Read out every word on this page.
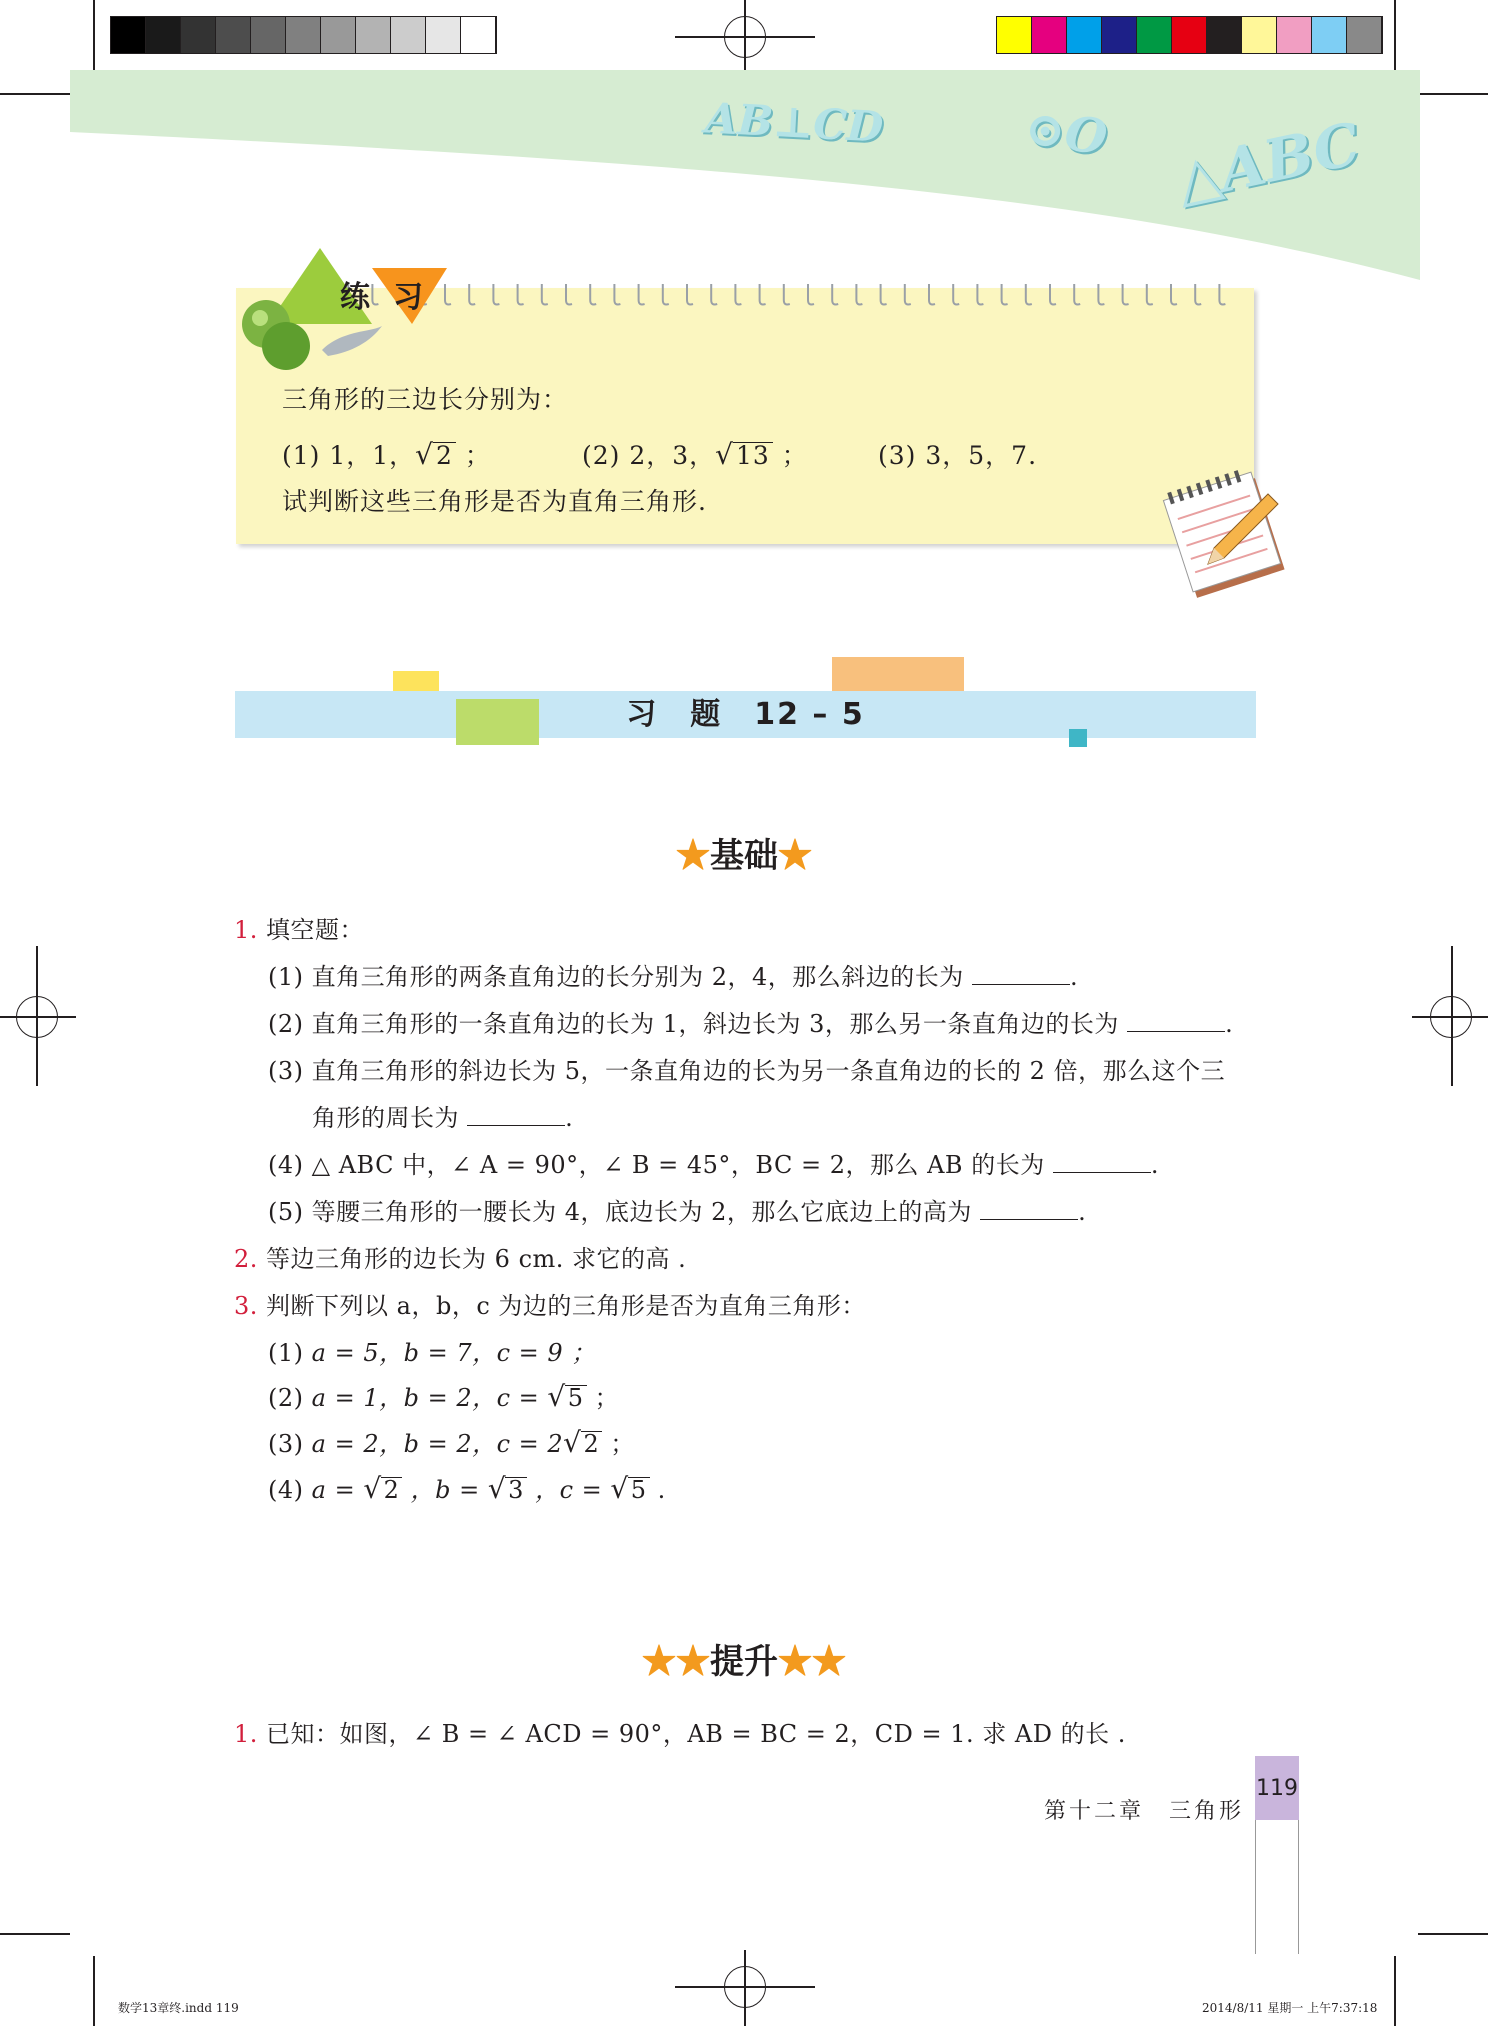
AB⊥CD	⊙O △ABC
三角形的三边长分别为：
(1) 1，1，√2 ；	(2) 2，3，√13 ；	(3) 3，5，7.
试判断这些三角形是否为直角三角形.
练 习
习　题　12 – 5
★基础★
1. 填空题：
(1) 直角三角形的两条直角边的长分别为 2，4，那么斜边的长为	.
(2) 直角三角形的一条直角边的长为 1，斜边长为 3，那么另一条直角边的长为	.
(3) 直角三角形的斜边长为 5，一条直角边的长为另一条直角边的长的 2 倍，那么这个三
角形的周长为	.
(4) △ ABC 中，∠ A = 90°，∠ B = 45°，BC = 2，那么 AB 的长为	.
(5) 等腰三角形的一腰长为 4，底边长为 2，那么它底边上的高为	.
2. 等边三角形的边长为 6 cm. 求它的高 .
3. 判断下列以 a，b，c 为边的三角形是否为直角三角形：
(1) a = 5，b = 7，c = 9 ；
(2) a = 1，b = 2，c = √5 ；
(3) a = 2，b = 2，c = 2√2 ；
(4) a = √2 ，b = √3 ，c = √5 .
★★提升★★
1. 已知：如图，∠ B = ∠ ACD = 90°，AB = BC = 2，CD = 1. 求 AD 的长 .
第十二章　三角形
119
数学13章终.indd 119	2014/8/11 星期一 上午7:37:18
